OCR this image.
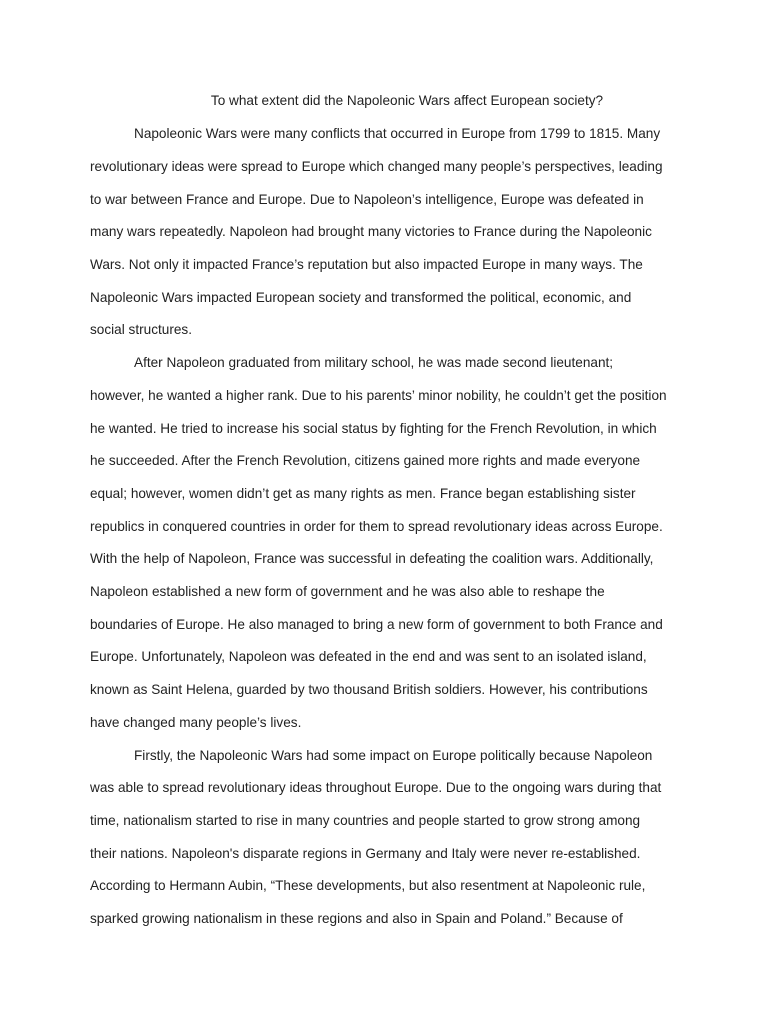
To what extent did the Napoleonic Wars affect European society?
Napoleonic Wars were many conflicts that occurred in Europe from 1799 to 1815. Many
revolutionary ideas were spread to Europe which changed many people’s perspectives, leading
to war between France and Europe. Due to Napoleon’s intelligence, Europe was defeated in
many wars repeatedly. Napoleon had brought many victories to France during the Napoleonic
Wars. Not only it impacted France’s reputation but also impacted Europe in many ways. The
Napoleonic Wars impacted European society and transformed the political, economic, and
social structures.
After Napoleon graduated from military school, he was made second lieutenant;
however, he wanted a higher rank. Due to his parents’ minor nobility, he couldn’t get the position
he wanted. He tried to increase his social status by fighting for the French Revolution, in which
he succeeded. After the French Revolution, citizens gained more rights and made everyone
equal; however, women didn’t get as many rights as men. France began establishing sister
republics in conquered countries in order for them to spread revolutionary ideas across Europe.
With the help of Napoleon, France was successful in defeating the coalition wars. Additionally,
Napoleon established a new form of government and he was also able to reshape the
boundaries of Europe. He also managed to bring a new form of government to both France and
Europe. Unfortunately, Napoleon was defeated in the end and was sent to an isolated island,
known as Saint Helena, guarded by two thousand British soldiers. However, his contributions
have changed many people’s lives.
Firstly, the Napoleonic Wars had some impact on Europe politically because Napoleon
was able to spread revolutionary ideas throughout Europe. Due to the ongoing wars during that
time, nationalism started to rise in many countries and people started to grow strong among
their nations. Napoleon's disparate regions in Germany and Italy were never re-established.
According to Hermann Aubin, “These developments, but also resentment at Napoleonic rule,
sparked growing nationalism in these regions and also in Spain and Poland.” Because of
